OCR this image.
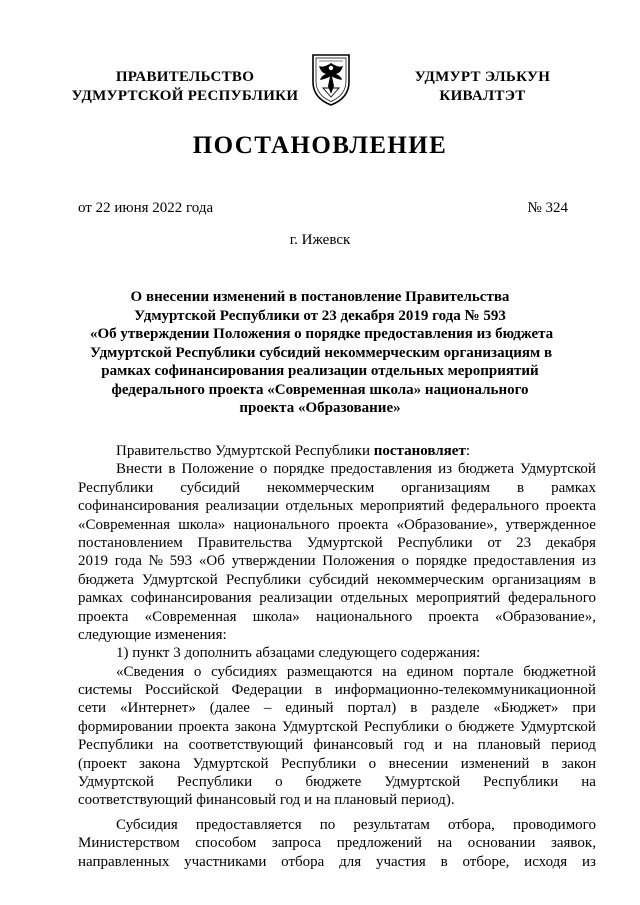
ПРАВИТЕЛЬСТВО
УДМУРТСКОЙ РЕСПУБЛИКИ
УДМУРТ ЭЛЬКУН
КИВАЛТЭТ
ПОСТАНОВЛЕНИЕ
от 22 июня 2022 года	№ 324
г. Ижевск
О внесении изменений в постановление Правительства
Удмуртской Республики от 23 декабря 2019 года № 593
«Об утверждении Положения о порядке предоставления из бюджета
Удмуртской Республики субсидий некоммерческим организациям в
рамках софинансирования реализации отдельных мероприятий
федерального проекта «Современная школа» национального
проекта «Образование»
Правительство Удмуртской Республики постановляет :
Внести в Положение о порядке предоставления из бюджета Удмуртской
Республики субсидий некоммерческим организациям в рамках
софинансирования реализации отдельных мероприятий федерального проекта
«Современная школа» национального проекта «Образование», утвержденное
постановлением Правительства Удмуртской Республики от 23 декабря
2019 года № 593 «Об утверждении Положения о порядке предоставления из
бюджета Удмуртской Республики субсидий некоммерческим организациям в
рамках софинансирования реализации отдельных мероприятий федерального
проекта «Современная школа» национального проекта «Образование»,
следующие изменения:
1) пункт 3 дополнить абзацами следующего содержания:
«Сведения о субсидиях размещаются на едином портале бюджетной
системы Российской Федерации в информационно-телекоммуникационной
сети «Интернет» (далее – единый портал) в разделе «Бюджет» при
формировании проекта закона Удмуртской Республики о бюджете Удмуртской
Республики на соответствующий финансовый год и на плановый период
(проект закона Удмуртской Республики о внесении изменений в закон
Удмуртской Республики о бюджете Удмуртской Республики на
соответствующий финансовый год и на плановый период).
Субсидия предоставляется по результатам отбора, проводимого
Министерством способом запроса предложений на основании заявок,
направленных участниками отбора для участия в отборе, исходя из
